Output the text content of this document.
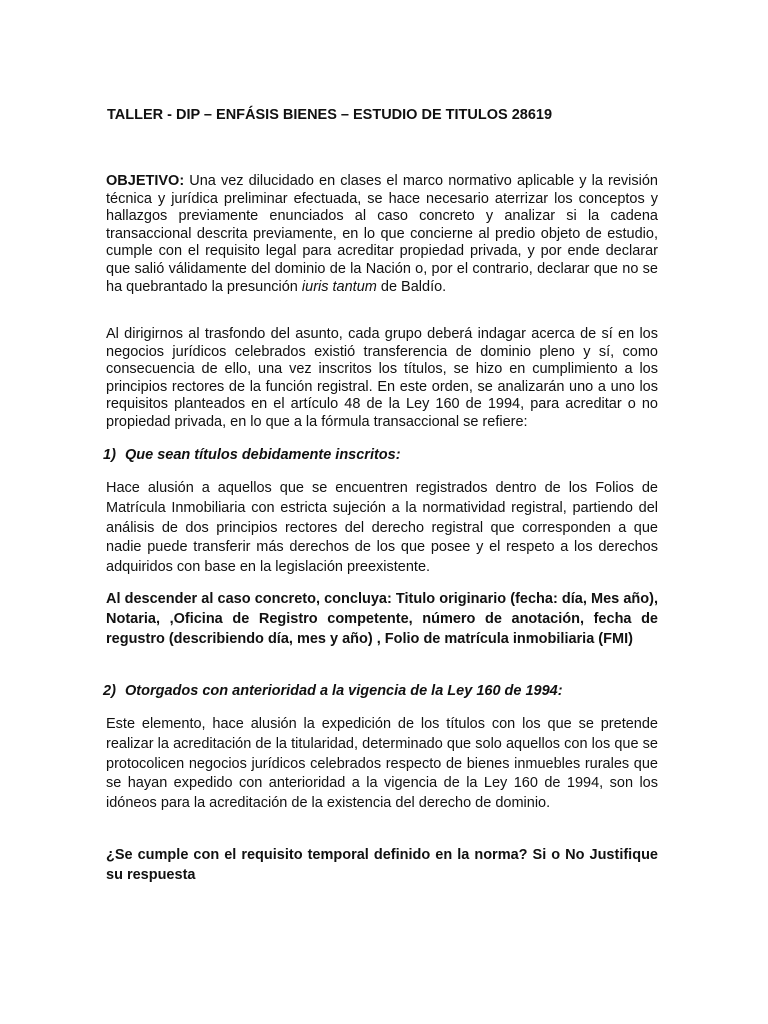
TALLER - DIP – ENFÁSIS BIENES – ESTUDIO DE TITULOS 28619

OBJETIVO: Una vez dilucidado en clases el marco normativo aplicable y la revisión técnica y jurídica preliminar efectuada, se hace necesario aterrizar los conceptos y hallazgos previamente enunciados al caso concreto y analizar si la cadena transaccional descrita previamente, en lo que concierne al predio objeto de estudio, cumple con el requisito legal para acreditar propiedad privada, y por ende declarar que salió válidamente del dominio de la Nación o, por el contrario, declarar que no se ha quebrantado la presunción iuris tantum de Baldío.

Al dirigirnos al trasfondo del asunto, cada grupo deberá indagar acerca de sí en los negocios jurídicos celebrados existió transferencia de dominio pleno y sí, como consecuencia de ello, una vez inscritos los títulos, se hizo en cumplimiento a los principios rectores de la función registral. En este orden, se analizarán uno a uno los requisitos planteados en el artículo 48 de la Ley 160 de 1994, para acreditar o no propiedad privada, en lo que a la fórmula transaccional se refiere:

1) Que sean títulos debidamente inscritos:

Hace alusión a aquellos que se encuentren registrados dentro de los Folios de Matrícula Inmobiliaria con estricta sujeción a la normatividad registral, partiendo del análisis de dos principios rectores del derecho registral que corresponden a que nadie puede transferir más derechos de los que posee y el respeto a los derechos adquiridos con base en la legislación preexistente.

Al descender al caso concreto, concluya: Titulo originario (fecha: día, Mes año), Notaria, ,Oficina de Registro competente, número de anotación, fecha de regustro (describiendo día, mes y año) , Folio de matrícula inmobiliaria (FMI)

2) Otorgados con anterioridad a la vigencia de la Ley 160 de 1994:

Este elemento, hace alusión la expedición de los títulos con los que se pretende realizar la acreditación de la titularidad, determinado que solo aquellos con los que se protocolicen negocios jurídicos celebrados respecto de bienes inmuebles rurales que se hayan expedido con anterioridad a la vigencia de la Ley 160 de 1994, son los idóneos para la acreditación de la existencia del derecho de dominio.

¿Se cumple con el requisito temporal definido en la norma? Si o No Justifique su respuesta
